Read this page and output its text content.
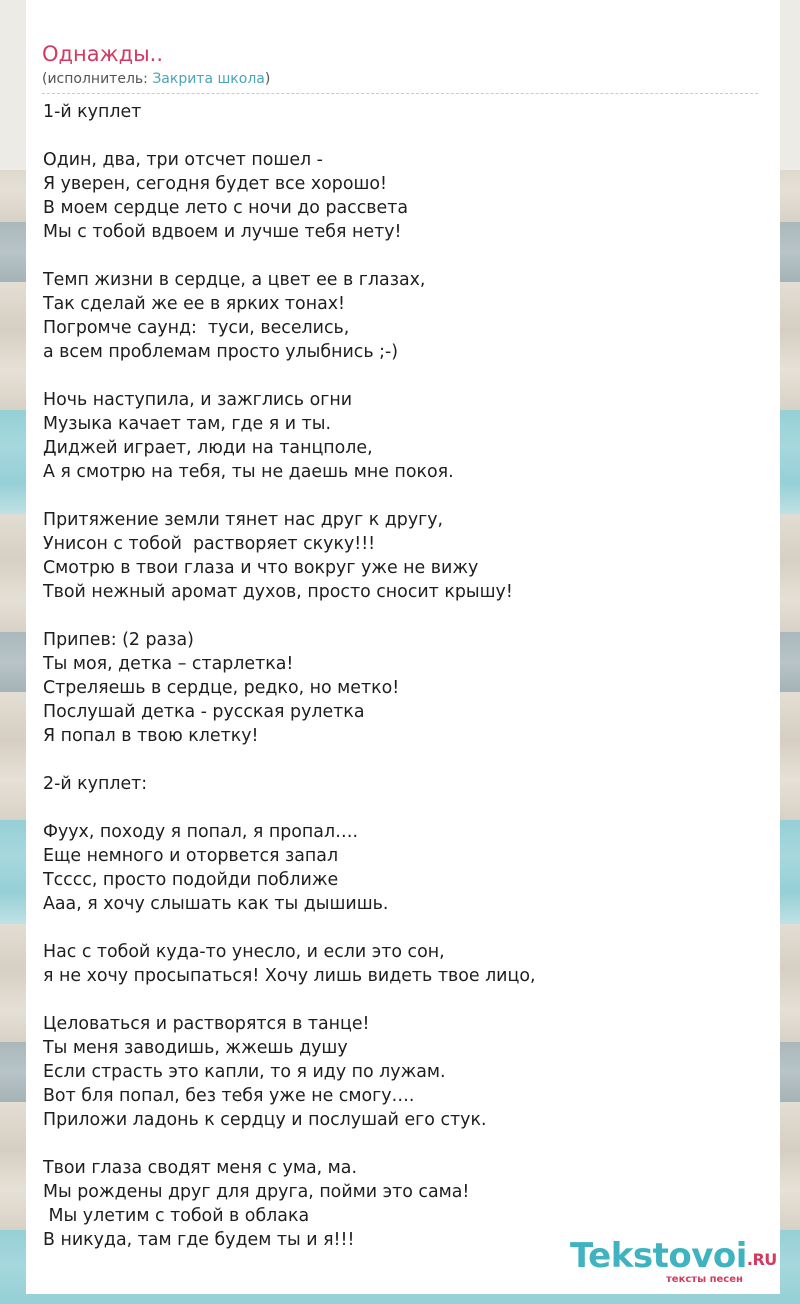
Однажды..
(исполнитель: Закрита школа)
1-й куплет
Один, два, три отсчет пошел -
Я уверен, сегодня будет все хорошо!
В моем сердце лето с ночи до рассвета
Мы с тобой вдвоем и лучше тебя нету!
Темп жизни в сердце, а цвет ее в глазах,
Так сделай же ее в ярких тонах!
Погромче саунд:  туси, веселись,
а всем проблемам просто улыбнись ;-)
Ночь наступила, и зажглись огни
Музыка качает там, где я и ты.
Диджей играет, люди на танцполе,
А я смотрю на тебя, ты не даешь мне покоя.
Притяжение земли тянет нас друг к другу,
Унисон с тобой  растворяет скуку!!!
Смотрю в твои глаза и что вокруг уже не вижу
Твой нежный аромат духов, просто сносит крышу!
Припев: (2 раза)
Ты моя, детка – старлетка!
Стреляешь в сердце, редко, но метко!
Послушай детка - русская рулетка
Я попал в твою клетку!
2-й куплет:
Фуух, походу я попал, я пропал….
Еще немного и оторвется запал
Тсссс, просто подойди поближе
Ааа, я хочу слышать как ты дышишь.
Нас с тобой куда-то унесло, и если это сон,
я не хочу просыпаться! Хочу лишь видеть твое лицо,
Целоваться и растворятся в танце!
Ты меня заводишь, жжешь душу
Если страсть это капли, то я иду по лужам.
Вот бля попал, без тебя уже не смогу….
Приложи ладонь к сердцу и послушай его стук.
Твои глаза сводят меня с ума, ма.
Мы рождены друг для друга, пойми это сама!
Мы улетим с тобой в облака
В никуда, там где будем ты и я!!!	Tekstovoi.RU
тексты песен
